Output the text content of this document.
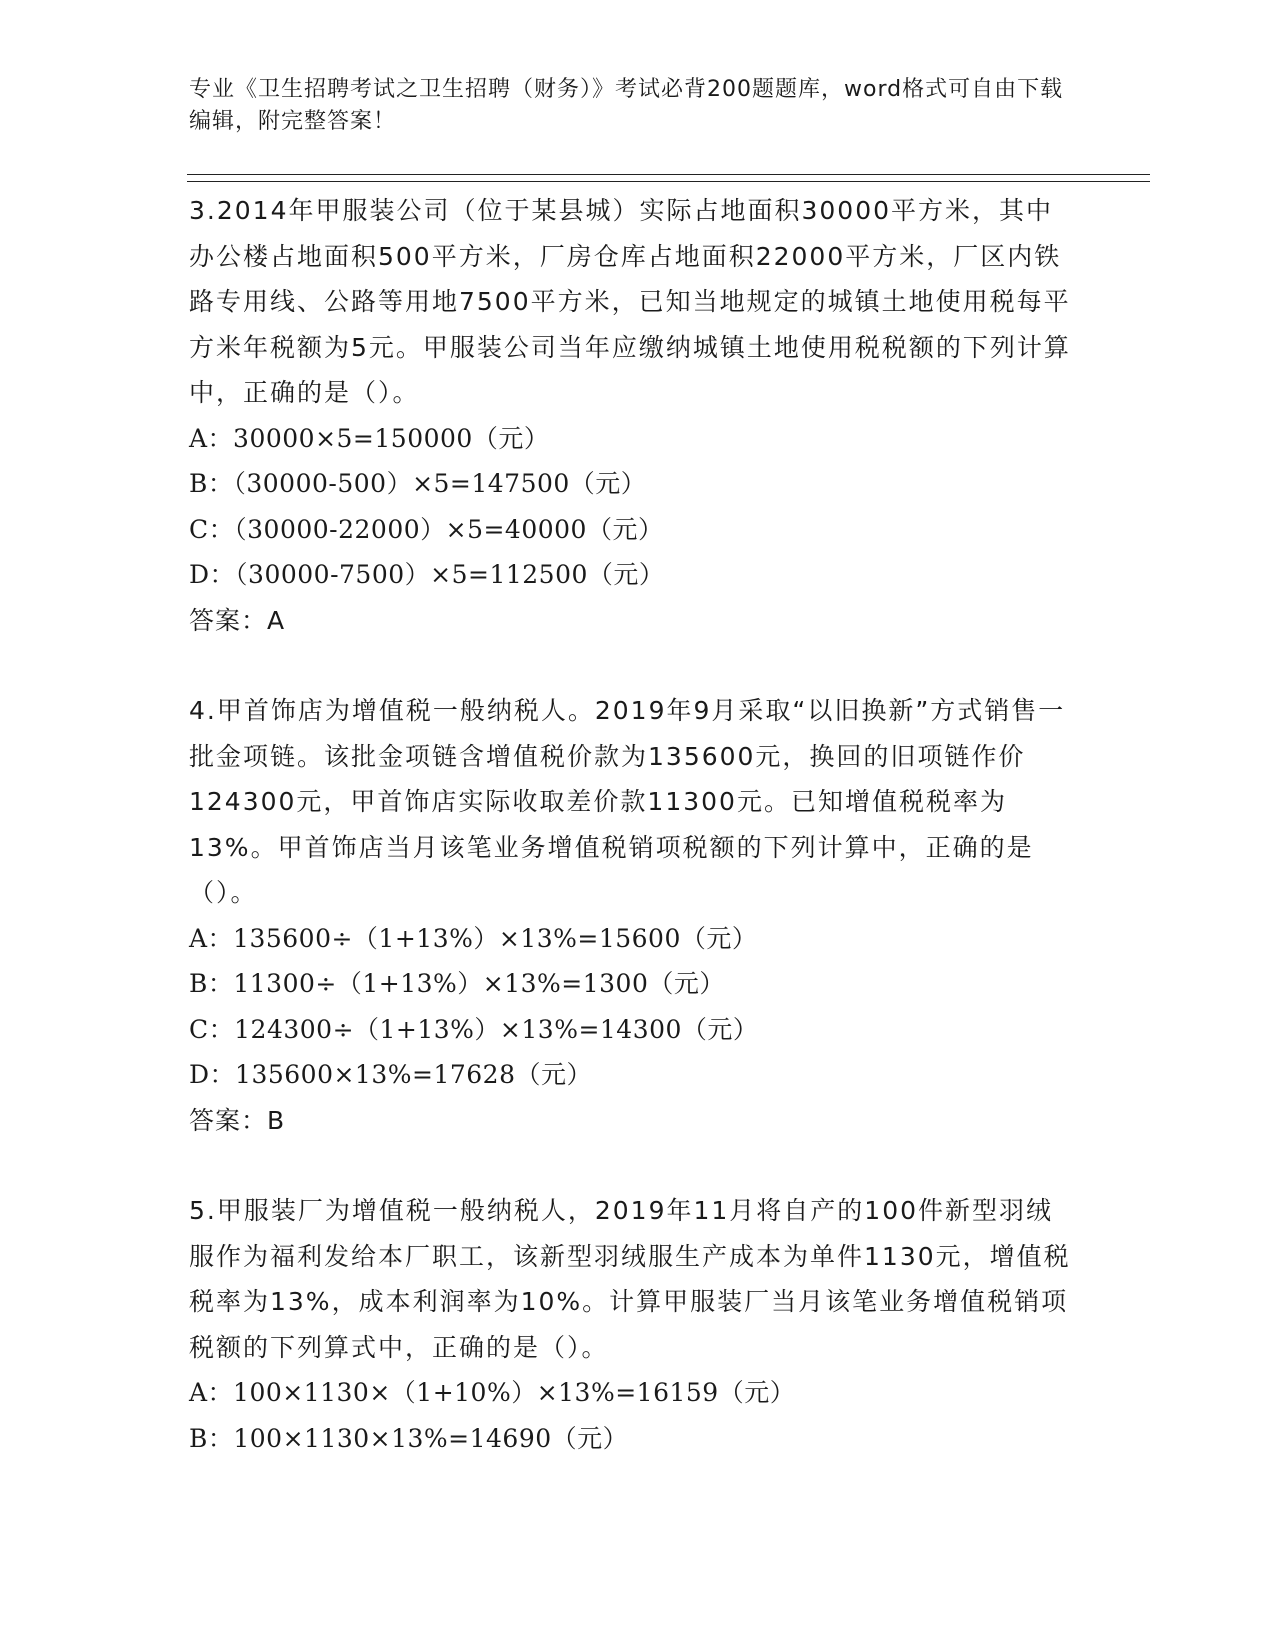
专业《卫生招聘考试之卫生招聘（财务）》考试必背200题题库，word格式可自由下载编辑，附完整答案！

3.2014年甲服装公司（位于某县城）实际占地面积30000平方米，其中办公楼占地面积500平方米，厂房仓库占地面积22000平方米，厂区内铁路专用线、公路等用地7500平方米，已知当地规定的城镇土地使用税每平方米年税额为5元。甲服装公司当年应缴纳城镇土地使用税税额的下列计算中，正确的是（）。

A：30000×5=150000（元）

B：（30000-500）×5=147500（元）

C：（30000-22000）×5=40000（元）

D：（30000-7500）×5=112500（元）

答案：A

4.甲首饰店为增值税一般纳税人。2019年9月采取“以旧换新”方式销售一批金项链。该批金项链含增值税价款为135600元，换回的旧项链作价124300元，甲首饰店实际收取差价款11300元。已知增值税税率为13%。甲首饰店当月该笔业务增值税销项税额的下列计算中，正确的是（）。

A：135600÷（1+13%）×13%=15600（元）

B：11300÷（1+13%）×13%=1300（元）

C：124300÷（1+13%）×13%=14300（元）

D：135600×13%=17628（元）

答案：B

5.甲服装厂为增值税一般纳税人，2019年11月将自产的100件新型羽绒服作为福利发给本厂职工，该新型羽绒服生产成本为单件1130元，增值税税率为13%，成本利润率为10%。计算甲服装厂当月该笔业务增值税销项税额的下列算式中，正确的是（）。

A：100×1130×（1+10%）×13%=16159（元）

B：100×1130×13%=14690（元）
